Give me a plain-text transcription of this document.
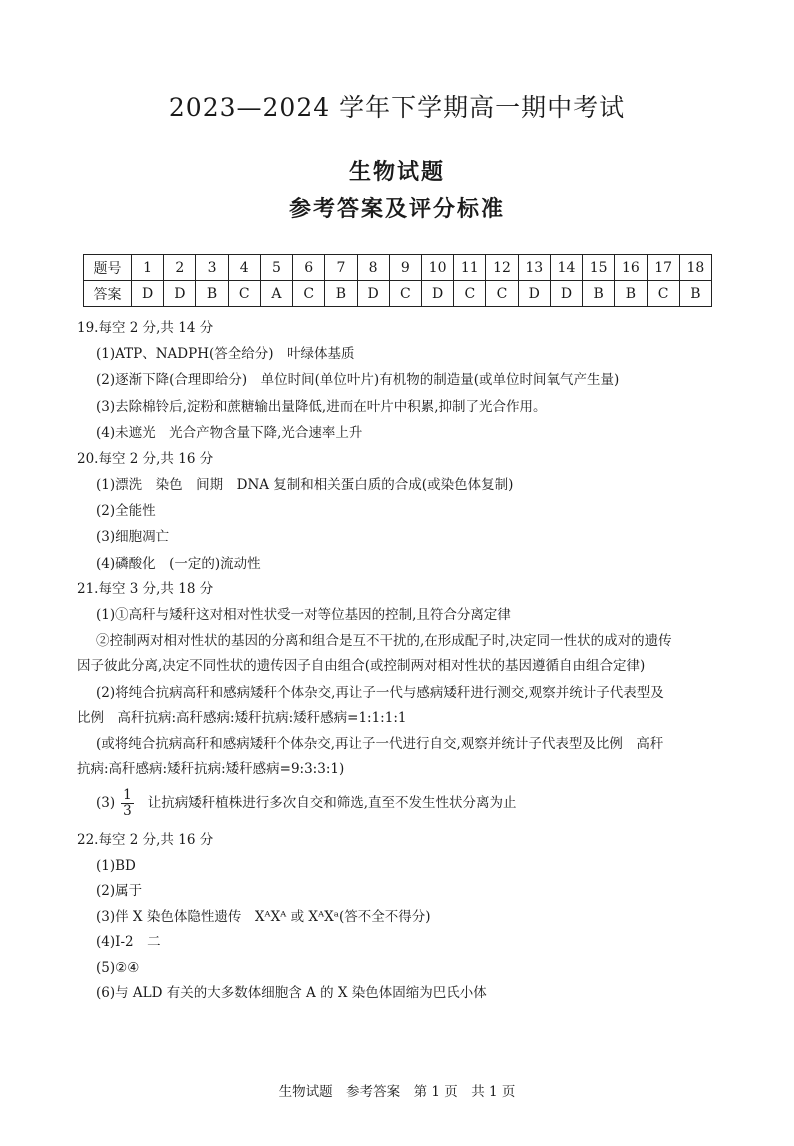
2023—2024 学年下学期高一期中考试
生物试题
参考答案及评分标准
题号	1	2	3	4	5	6	7	8	9	10	11	12	13	14	15	16	17	18
答案	D	D	B	C	A	C	B	D	C	D	C	C	D	D	B	B	C	B
19.每空 2 分,共 14 分
(1)ATP、NADPH(答全给分)　叶绿体基质
(2)逐渐下降(合理即给分)　单位时间(单位叶片)有机物的制造量(或单位时间氧气产生量)
(3)去除棉铃后,淀粉和蔗糖输出量降低,进而在叶片中积累,抑制了光合作用。
(4)未遮光　光合产物含量下降,光合速率上升
20.每空 2 分,共 16 分
(1)漂洗　染色　间期　DNA 复制和相关蛋白质的合成(或染色体复制)
(2)全能性
(3)细胞凋亡
(4)磷酸化　(一定的)流动性
21.每空 3 分,共 18 分
(1)①高秆与矮秆这对相对性状受一对等位基因的控制,且符合分离定律
②控制两对相对性状的基因的分离和组合是互不干扰的,在形成配子时,决定同一性状的成对的遗传
因子彼此分离,决定不同性状的遗传因子自由组合(或控制两对相对性状的基因遵循自由组合定律)
(2)将纯合抗病高秆和感病矮秆个体杂交,再让子一代与感病矮秆进行测交,观察并统计子代表型及
比例　高秆抗病:高秆感病:矮秆抗病:矮秆感病=1:1:1:1
(或将纯合抗病高秆和感病矮秆个体杂交,再让子一代进行自交,观察并统计子代表型及比例　高秆
抗病:高秆感病:矮秆抗病:矮秆感病=9:3:3:1)
$(3) \frac{1}{3}$ 让抗病矮秆植株进行多次自交和筛选,直至不发生性状分离为止
22.每空 2 分,共 16 分
(1)BD
(2)属于
(3)伴 X 染色体隐性遗传　XᴬXᴬ 或 XᴬXᵃ(答不全不得分)
(4)Ⅰ-2　二
(5)②④
(6)与 ALD 有关的大多数体细胞含 A 的 X 染色体固缩为巴氏小体
生物试题　参考答案　第 1 页　共 1 页
